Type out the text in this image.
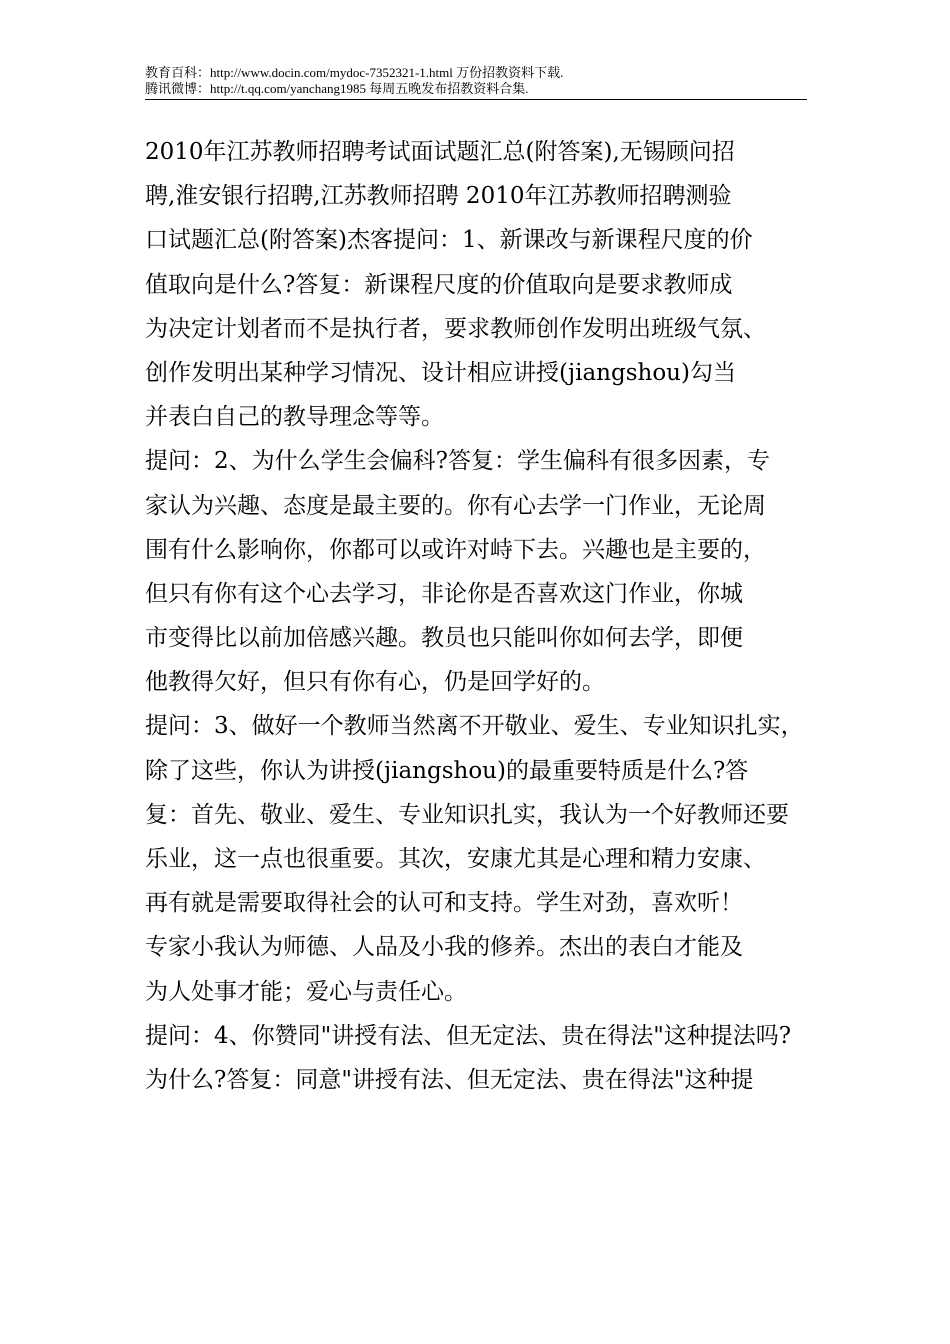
教育百科：http://www.docin.com/mydoc-7352321-1.html 万份招教资料下载.
腾讯微博：http://t.qq.com/yanchang1985 每周五晚发布招教资料合集.
2010年江苏教师招聘考试面试题汇总(附答案),无锡顾问招
聘,淮安银行招聘,江苏教师招聘 2010年江苏教师招聘测验
口试题汇总(附答案)杰客提问：1、新课改与新课程尺度的价
值取向是什么?答复：新课程尺度的价值取向是要求教师成
为决定计划者而不是执行者，要求教师创作发明出班级气氛、
创作发明出某种学习情况、设计相应讲授(jiangshou)勾当
并表白自己的教导理念等等。
提问：2、为什么学生会偏科?答复：学生偏科有很多因素，专
家认为兴趣、态度是最主要的。你有心去学一门作业，无论周
围有什么影响你，你都可以或许对峙下去。兴趣也是主要的，
但只有你有这个心去学习，非论你是否喜欢这门作业，你城
市变得比以前加倍感兴趣。教员也只能叫你如何去学，即便
他教得欠好，但只有你有心，仍是回学好的。
提问：3、做好一个教师当然离不开敬业、爱生、专业知识扎实，
除了这些，你认为讲授(jiangshou)的最重要特质是什么?答
复：首先、敬业、爱生、专业知识扎实，我认为一个好教师还要
乐业，这一点也很重要。其次，安康尤其是心理和精力安康、
再有就是需要取得社会的认可和支持。学生对劲，喜欢听！
专家小我认为师德、人品及小我的修养。杰出的表白才能及
为人处事才能；爱心与责任心。
提问：4、你赞同"讲授有法、但无定法、贵在得法"这种提法吗?
为什么?答复：同意"讲授有法、但无定法、贵在得法"这种提
